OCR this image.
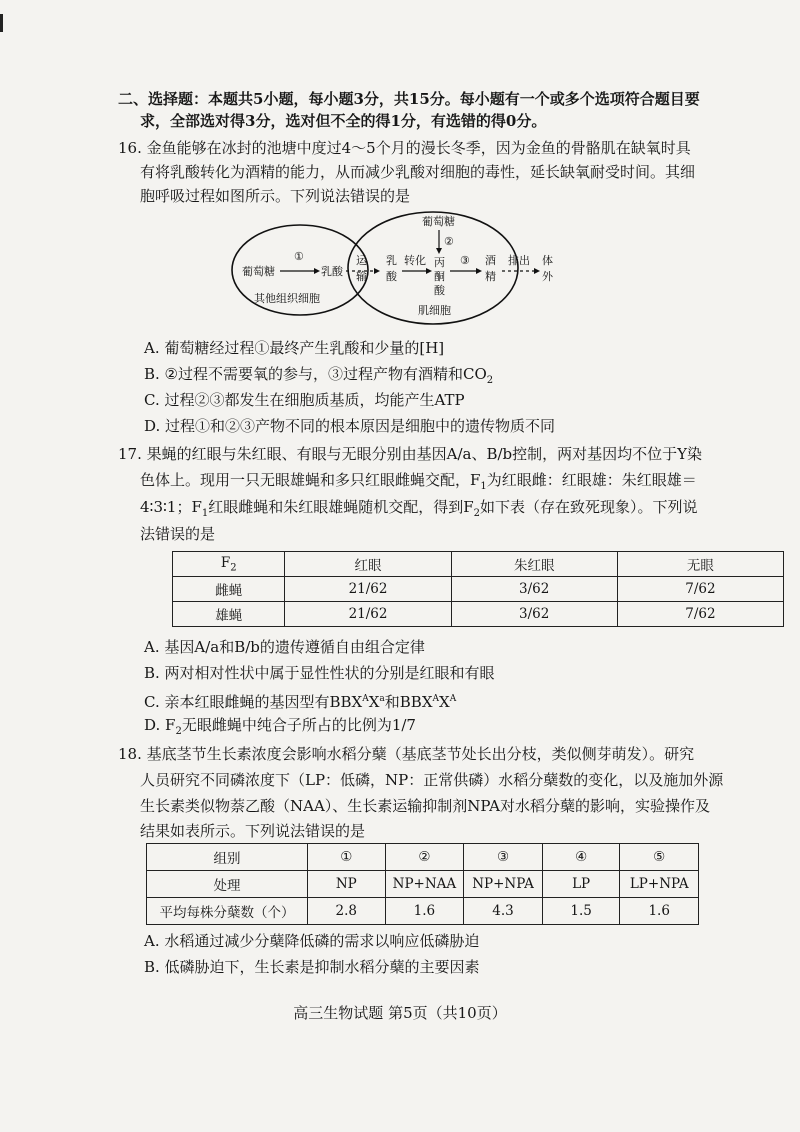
二、选择题：本题共5小题，每小题3分，共15分。每小题有一个或多个选项符合题目要
求，全部选对得3分，选对但不全的得1分，有选错的得0分。
16. 金鱼能够在冰封的池塘中度过4～5个月的漫长冬季，因为金鱼的骨骼肌在缺氧时具
有将乳酸转化为酒精的能力，从而减少乳酸对细胞的毒性，延长缺氧耐受时间。其细
胞呼吸过程如图所示。下列说法错误的是
葡萄糖
①
乳酸
其他组织细胞
运
输
乳
酸
转化
葡萄糖
②
丙
酮
酸
③ 酒
精
排出 体
外
肌细胞
A. 葡萄糖经过程①最终产生乳酸和少量的[H]
B. ②过程不需要氧的参与，③过程产物有酒精和$CO_2$
C. 过程②③都发生在细胞质基质，均能产生ATP
D. 过程①和②③产物不同的根本原因是细胞中的遗传物质不同
17. 果蝇的红眼与朱红眼、有眼与无眼分别由基因A/a、B/b控制，两对基因均不位于Y染
色体上。现用一只无眼雄蝇和多只红眼雌蝇交配，$F_1$为红眼雌：红眼雄：朱红眼雄＝
4∶3∶1；$F_1$红眼雌蝇和朱红眼雄蝇随机交配，得到$F_2$如下表（存在致死现象）。下列说
法错误的是
$F_2$	红眼	朱红眼	无眼
雌蝇	21/62	3/62	7/62
雄蝇	21/62	3/62	7/62
A. 基因A/a和B/b的遗传遵循自由组合定律
B. 两对相对性状中属于显性性状的分别是红眼和有眼
C. 亲本红眼雌蝇的基因型有$BBX^AX^a$和$BBX^AX^A$
D. $F_2$无眼雌蝇中纯合子所占的比例为1/7
18. 基底茎节生长素浓度会影响水稻分蘖（基底茎节处长出分枝，类似侧芽萌发）。研究
人员研究不同磷浓度下（LP：低磷，NP：正常供磷）水稻分蘖数的变化，以及施加外源
生长素类似物萘乙酸（NAA）、生长素运输抑制剂NPA对水稻分蘖的影响，实验操作及
结果如表所示。下列说法错误的是
组别	①	②	③	④	⑤
处理	NP	NP+NAA	NP+NPA	LP	LP+NPA
平均每株分蘖数（个）	2.8	1.6	4.3	1.5	1.6
A. 水稻通过减少分蘖降低磷的需求以响应低磷胁迫
B. 低磷胁迫下，生长素是抑制水稻分蘖的主要因素
高三生物试题 第5页（共10页）
